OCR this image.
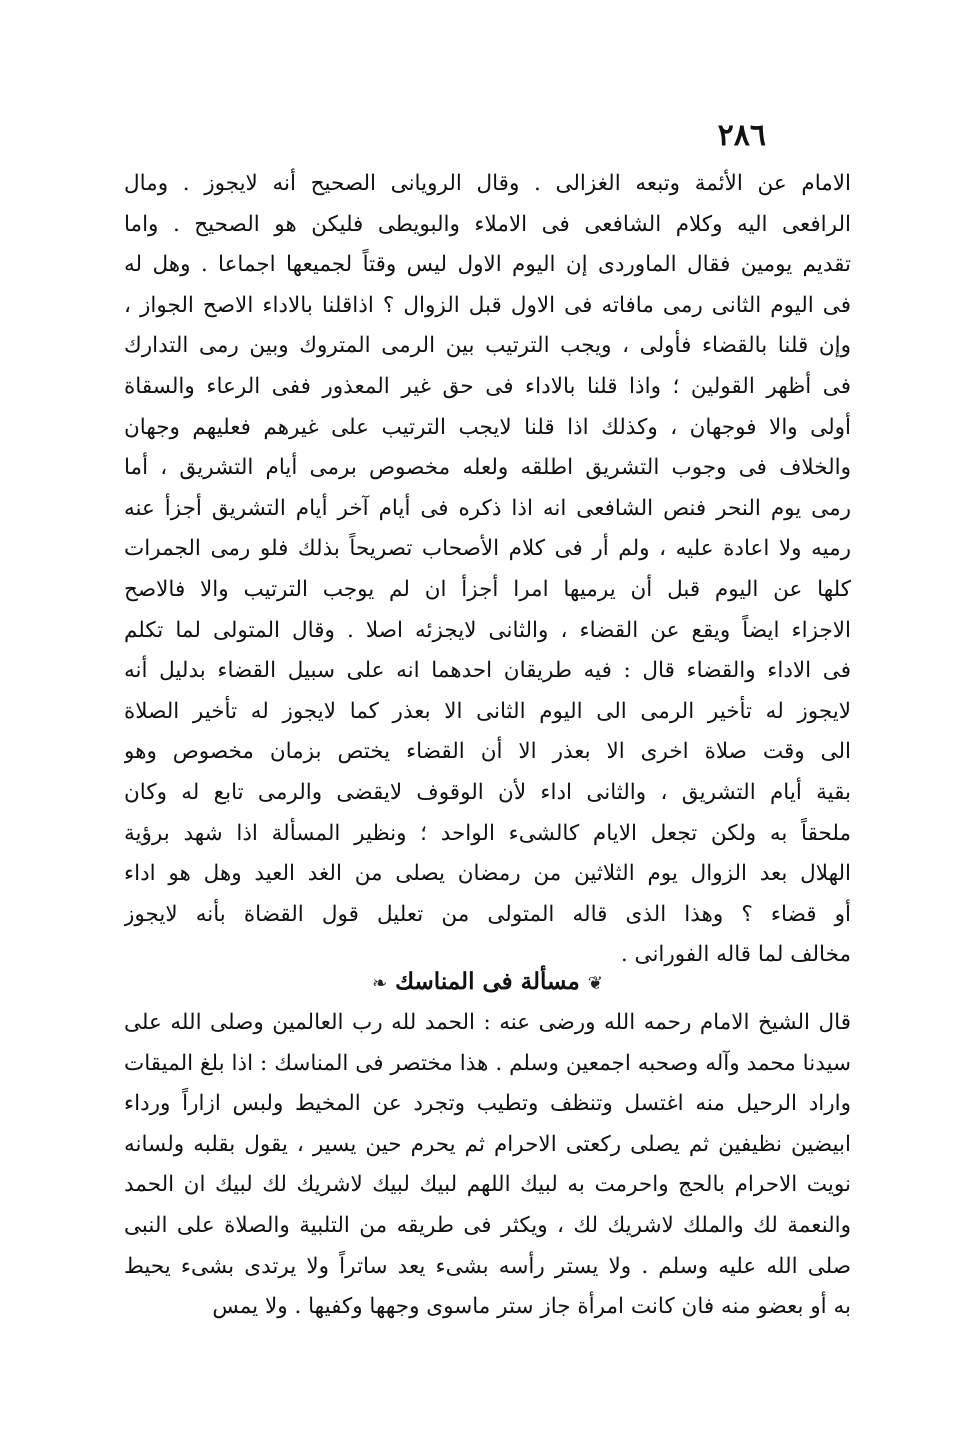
٢٨٦
الامام عن الأئمة وتبعه الغزالى . وقال الرويانى الصحيح أنه لايجوز . ومال
الرافعى اليه وكلام الشافعى فى الاملاء والبويطى فليكن هو الصحيح . واما
تقديم يومين فقال الماوردى إن اليوم الاول ليس وقتاً لجميعها اجماعا . وهل له
فى اليوم الثانى رمى مافاته فى الاول قبل الزوال ؟ اذاقلنا بالاداء الاصح الجواز ،
وإن قلنا بالقضاء فأولى ، ويجب الترتيب بين الرمى المتروك وبين رمى التدارك
فى أظهر القولين ؛ واذا قلنا بالاداء فى حق غير المعذور ففى الرعاء والسقاة
أولى والا فوجهان ، وكذلك اذا قلنا لايجب الترتيب على غيرهم فعليهم وجهان
والخلاف فى وجوب التشريق اطلقه ولعله مخصوص برمى أيام التشريق ، أما
رمى يوم النحر فنص الشافعى انه اذا ذكره فى أيام آخر أيام التشريق أجزأ عنه
رميه ولا اعادة عليه ، ولم أر فى كلام الأصحاب تصريحاً بذلك فلو رمى الجمرات
كلها عن اليوم قبل أن يرميها امرا أجزأ ان لم يوجب الترتيب والا فالاصح
الاجزاء ايضاً ويقع عن القضاء ، والثانى لايجزئه اصلا . وقال المتولى لما تكلم
فى الاداء والقضاء قال : فيه طريقان احدهما انه على سبيل القضاء بدليل أنه
لايجوز له تأخير الرمى الى اليوم الثانى الا بعذر كما لايجوز له تأخير الصلاة
الى وقت صلاة اخرى الا بعذر الا أن القضاء يختص بزمان مخصوص وهو
بقية أيام التشريق ، والثانى اداء لأن الوقوف لايقضى والرمى تابع له وكان
ملحقاً به ولكن تجعل الايام كالشىء الواحد ؛ ونظير المسألة اذا شهد برؤية
الهلال بعد الزوال يوم الثلاثين من رمضان يصلى من الغد العيد وهل هو اداء
أو قضاء ؟ وهذا الذى قاله المتولى من تعليل قول القضاة بأنه لايجوز
مخالف لما قاله الفورانى .
❦مسألة فى المناسك❧
قال الشيخ الامام رحمه الله ورضى عنه : الحمد لله رب العالمين وصلى الله على
سيدنا محمد وآله وصحبه اجمعين وسلم . هذا مختصر فى المناسك : اذا بلغ الميقات
واراد الرحيل منه اغتسل وتنظف وتطيب وتجرد عن المخيط ولبس ازاراً ورداء
ابيضين نظيفين ثم يصلى ركعتى الاحرام ثم يحرم حين يسير ، يقول بقلبه ولسانه
نويت الاحرام بالحج واحرمت به لبيك اللهم لبيك لبيك لاشريك لك لبيك ان الحمد
والنعمة لك والملك لاشريك لك ، ويكثر فى طريقه من التلبية والصلاة على النبى
صلى الله عليه وسلم . ولا يستر رأسه بشىء يعد ساتراً ولا يرتدى بشىء يحيط
به أو بعضو منه فان كانت امرأة جاز ستر ماسوى وجهها وكفيها . ولا يمس
